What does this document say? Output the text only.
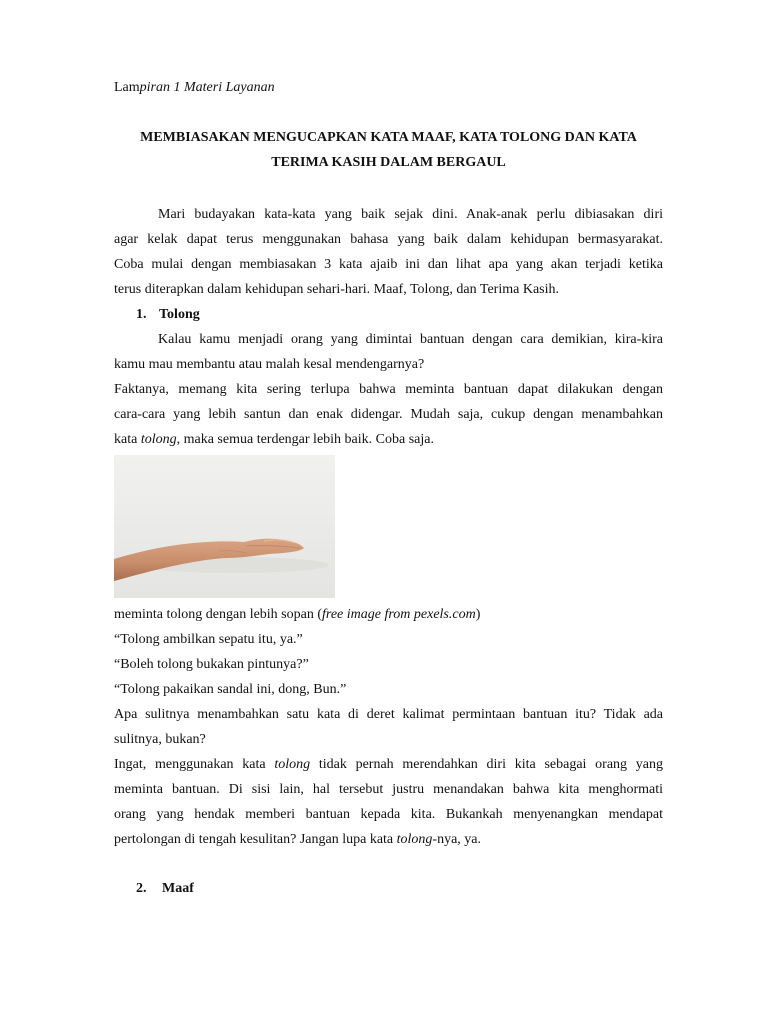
Lampiran 1 Materi Layanan
MEMBIASAKAN MENGUCAPKAN KATA MAAF, KATA TOLONG DAN KATA
TERIMA KASIH DALAM BERGAUL
Mari budayakan kata-kata yang baik sejak dini. Anak-anak perlu dibiasakan diri
agar kelak dapat terus menggunakan bahasa yang baik dalam kehidupan bermasyarakat.
Coba mulai dengan membiasakan 3 kata ajaib ini dan lihat apa yang akan terjadi ketika
terus diterapkan dalam kehidupan sehari-hari. Maaf, Tolong, dan Terima Kasih.
1. Tolong
Kalau kamu menjadi orang yang dimintai bantuan dengan cara demikian, kira-kira
kamu mau membantu atau malah kesal mendengarnya?
Faktanya, memang kita sering terlupa bahwa meminta bantuan dapat dilakukan dengan
cara-cara yang lebih santun dan enak didengar. Mudah saja, cukup dengan menambahkan
kata tolong, maka semua terdengar lebih baik. Coba saja.
meminta tolong dengan lebih sopan (free image from pexels.com)
“Tolong ambilkan sepatu itu, ya.”
“Boleh tolong bukakan pintunya?”
“Tolong pakaikan sandal ini, dong, Bun.”
Apa sulitnya menambahkan satu kata di deret kalimat permintaan bantuan itu? Tidak ada
sulitnya, bukan?
Ingat, menggunakan kata tolong tidak pernah merendahkan diri kita sebagai orang yang
meminta bantuan. Di sisi lain, hal tersebut justru menandakan bahwa kita menghormati
orang yang hendak memberi bantuan kepada kita. Bukankah menyenangkan mendapat
pertolongan di tengah kesulitan? Jangan lupa kata tolong-nya, ya.
2. Maaf
